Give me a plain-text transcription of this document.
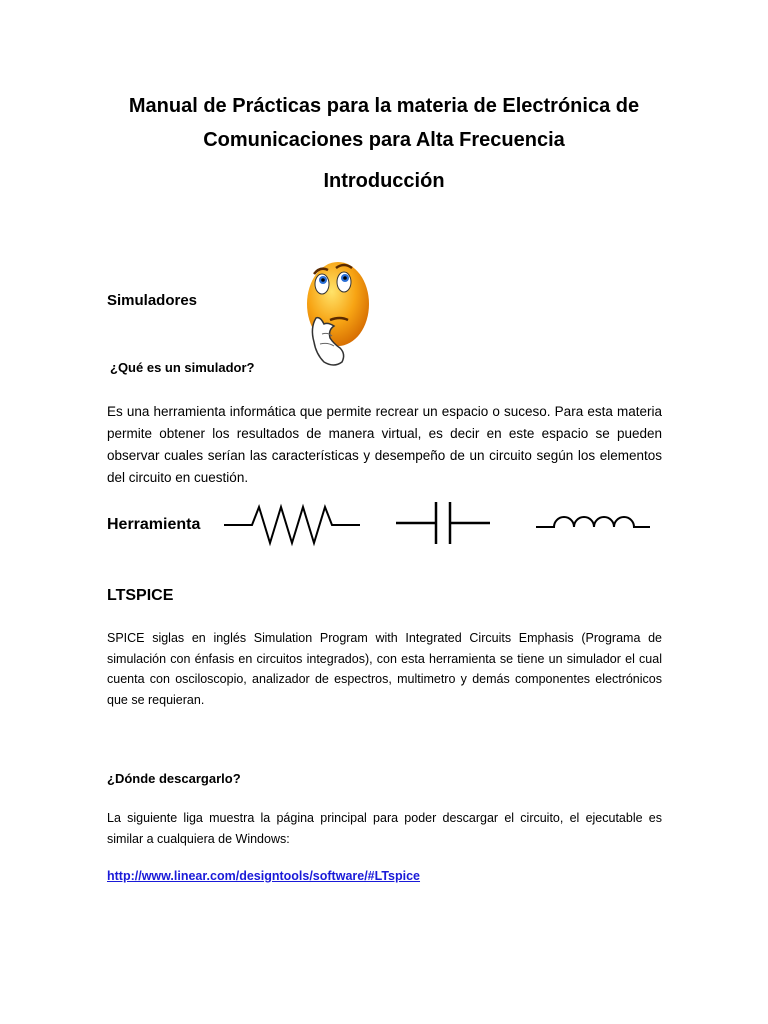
Manual de Prácticas para la materia de Electrónica de
Comunicaciones para Alta Frecuencia
Introducción
Simuladores

¿Qué es un simulador?

Es una herramienta informática que permite recrear un espacio o suceso. Para esta materia permite obtener los resultados de manera virtual, es decir en este espacio se pueden observar cuales serían las características y desempeño de un circuito según los elementos del circuito en cuestión.

Herramienta
LTSPICE

SPICE siglas en inglés Simulation Program with Integrated Circuits Emphasis (Programa de simulación con énfasis en circuitos integrados), con esta herramienta se tiene un simulador el cual cuenta con osciloscopio, analizador de espectros, multimetro y demás componentes electrónicos que se requieran.

¿Dónde descargarlo?

La siguiente liga muestra la página principal para poder descargar el circuito, el ejecutable es similar a cualquiera de Windows:

http://www.linear.com/designtools/software/#LTspice
